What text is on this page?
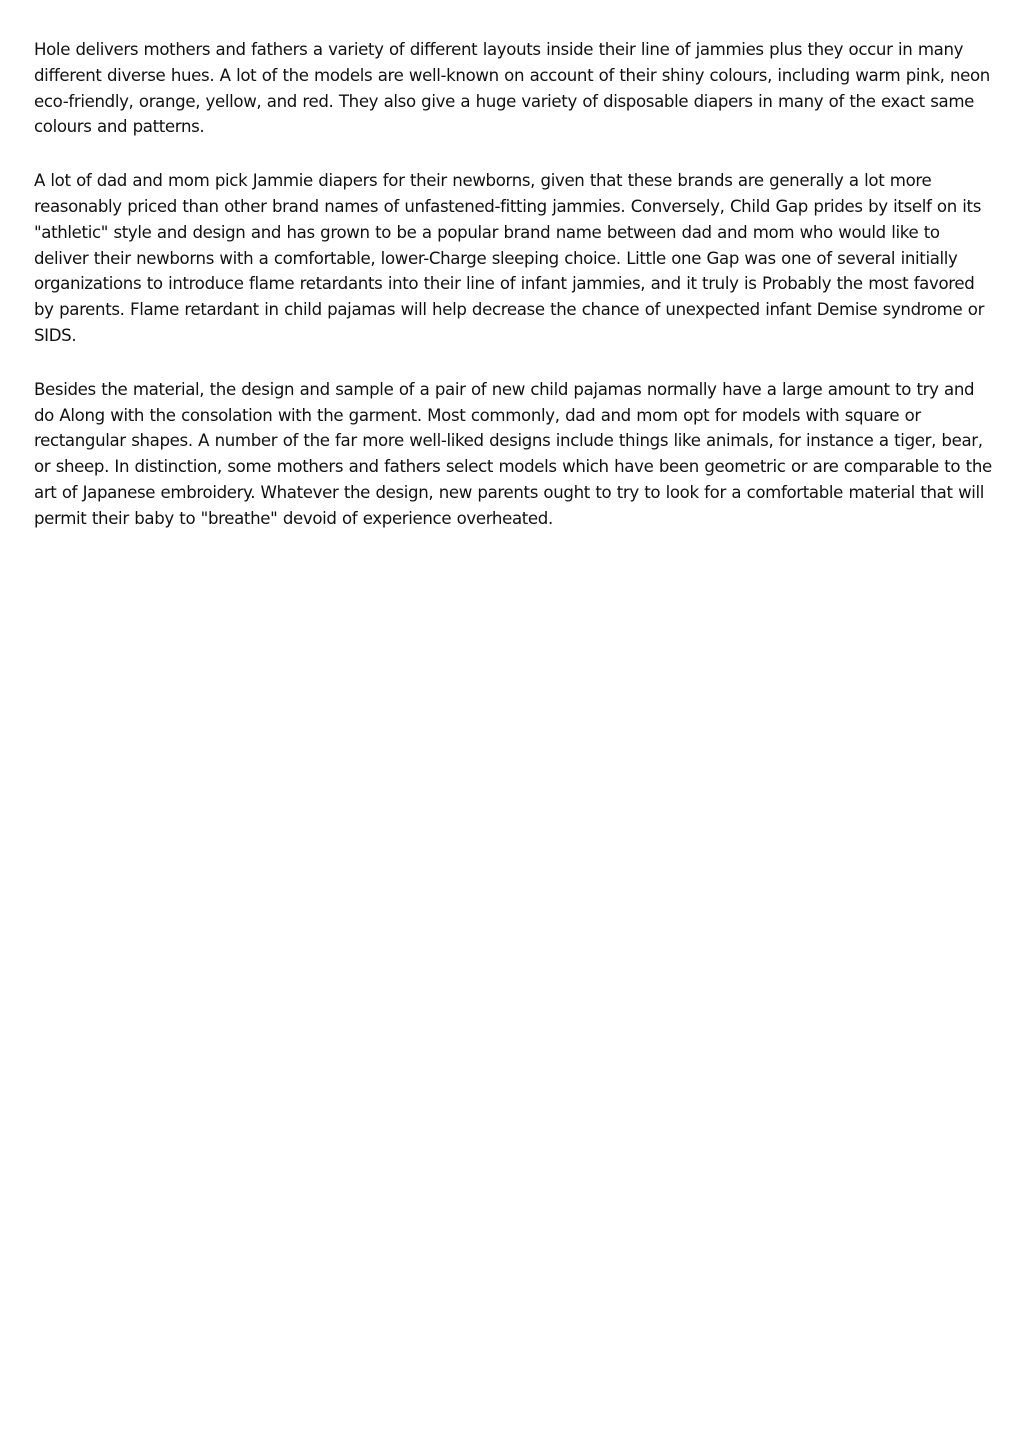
Hole delivers mothers and fathers a variety of different layouts inside their line of jammies plus they occur in many different diverse hues. A lot of the models are well-known on account of their shiny colours, including warm pink, neon eco-friendly, orange, yellow, and red. They also give a huge variety of disposable diapers in many of the exact same colours and patterns.

A lot of dad and mom pick Jammie diapers for their newborns, given that these brands are generally a lot more reasonably priced than other brand names of unfastened-fitting jammies. Conversely, Child Gap prides by itself on its "athletic" style and design and has grown to be a popular brand name between dad and mom who would like to deliver their newborns with a comfortable, lower-Charge sleeping choice. Little one Gap was one of several initially organizations to introduce flame retardants into their line of infant jammies, and it truly is Probably the most favored by parents. Flame retardant in child pajamas will help decrease the chance of unexpected infant Demise syndrome or SIDS.

Besides the material, the design and sample of a pair of new child pajamas normally have a large amount to try and do Along with the consolation with the garment. Most commonly, dad and mom opt for models with square or rectangular shapes. A number of the far more well-liked designs include things like animals, for instance a tiger, bear, or sheep. In distinction, some mothers and fathers select models which have been geometric or are comparable to the art of Japanese embroidery. Whatever the design, new parents ought to try to look for a comfortable material that will permit their baby to "breathe" devoid of experience overheated.
